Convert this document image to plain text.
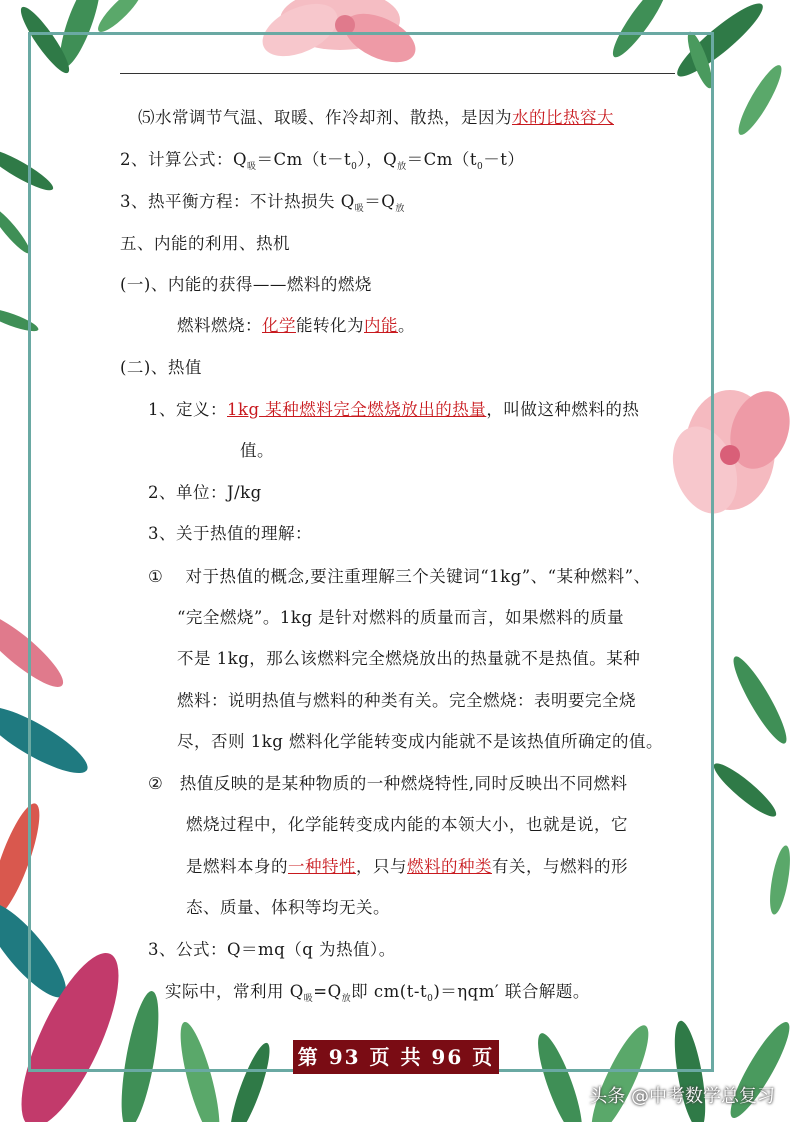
⑸水常调节气温、取暖、作冷却剂、散热，是因为水的比热容大
2、计算公式：$Q_吸=Cm(t-t_0)$，$Q_放=Cm(t_0-t)$
3、热平衡方程：不计热损失 $Q_吸=Q_放$
五、内能的利用、热机
(一)、内能的获得——燃料的燃烧
燃料燃烧：化学能转化为内能。
(二)、热值
1、定义：1kg 某种燃料完全燃烧放出的热量，叫做这种燃料的热
值。
2、单位：J/kg
3、关于热值的理解：
① 对于热值的概念,要注重理解三个关键词“1kg”、“某种燃料”、
“完全燃烧”。1kg 是针对燃料的质量而言，如果燃料的质量
不是 1kg，那么该燃料完全燃烧放出的热量就不是热值。某种
燃料：说明热值与燃料的种类有关。完全燃烧：表明要完全烧
尽，否则 1kg 燃料化学能转变成内能就不是该热值所确定的值。
② 热值反映的是某种物质的一种燃烧特性,同时反映出不同燃料
燃烧过程中，化学能转变成内能的本领大小，也就是说，它
是燃料本身的一种特性，只与燃料的种类有关，与燃料的形
态、质量、体积等均无关。
3、公式：Q＝mq（q 为热值）。
实际中，常利用 $Q_吸=Q_放$即 $cm(t-t_0)=\eta qm'$ 联合解题。
第 93 页 共 96 页
头条 @中考数学总复习
